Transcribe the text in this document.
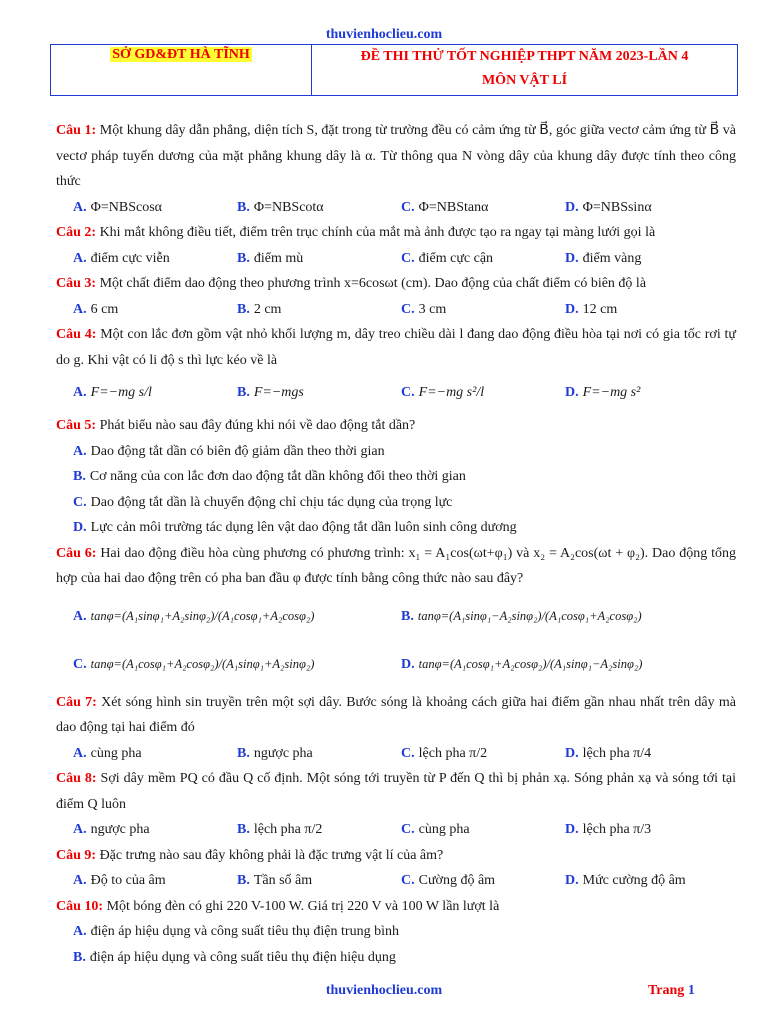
thuvienhoclieu.com
SỞ GD&ĐT HÀ TĨNH	ĐỀ THI THỬ TỐT NGHIỆP THPT NĂM 2023-LẦN 4
MÔN VẬT LÍ

Câu 1: Một khung dây dẫn phẳng, diện tích S, đặt trong từ trường đều có cảm ứng từ B⃗, góc giữa vectơ cảm ứng từ B⃗ và vectơ pháp tuyến dương của mặt phẳng khung dây là α. Từ thông qua N vòng dây của khung dây được tính theo công thức

A. Φ=NBScosα	B. Φ=NBScotα	C. Φ=NBStanα	D. Φ=NBSsinα

Câu 2: Khi mắt không điều tiết, điểm trên trục chính của mắt mà ảnh được tạo ra ngay tại màng lưới gọi là

A. điểm cực viễn	B. điểm mù	C. điểm cực cận	D. điểm vàng

Câu 3: Một chất điểm dao động theo phương trình x=6cosωt (cm). Dao động của chất điểm có biên độ là

A. 6 cm	B. 2 cm	C. 3 cm	D. 12 cm

Câu 4: Một con lắc đơn gồm vật nhỏ khối lượng m, dây treo chiều dài l đang dao động điều hòa tại nơi có gia tốc rơi tự do g. Khi vật có li độ s thì lực kéo về là

A. F=−mg s/l	B. F=−mgs	C. F=−mg s²/l	D. F=−mg s²

Câu 5: Phát biểu nào sau đây đúng khi nói về dao động tắt dần?

A. Dao động tắt dần có biên độ giảm dần theo thời gian

B. Cơ năng của con lắc đơn dao động tắt dần không đổi theo thời gian

C. Dao động tắt dần là chuyển động chỉ chịu tác dụng của trọng lực

D. Lực cản môi trường tác dụng lên vật dao động tắt dần luôn sinh công dương

Câu 6: Hai dao động điều hòa cùng phương có phương trình: x₁ = A₁cos(ωt+φ₁) và x₂ = A₂cos(ωt + φ₂). Dao động tổng hợp của hai dao động trên có pha ban đầu φ được tính bằng công thức nào sau đây?

A. tanφ=(A₁sinφ₁+A₂sinφ₂)/(A₁cosφ₁+A₂cosφ₂)	B. tanφ=(A₁sinφ₁−A₂sinφ₂)/(A₁cosφ₁+A₂cosφ₂)
C. tanφ=(A₁cosφ₁+A₂cosφ₂)/(A₁sinφ₁+A₂sinφ₂)	D. tanφ=(A₁cosφ₁+A₂cosφ₂)/(A₁sinφ₁−A₂sinφ₂)

Câu 7: Xét sóng hình sin truyền trên một sợi dây. Bước sóng là khoảng cách giữa hai điểm gần nhau nhất trên dây mà dao động tại hai điểm đó

A. cùng pha	B. ngược pha	C. lệch pha π/2	D. lệch pha π/4

Câu 8: Sợi dây mềm PQ có đầu Q cố định. Một sóng tới truyền từ P đến Q thì bị phản xạ. Sóng phản xạ và sóng tới tại điểm Q luôn

A. ngược pha	B. lệch pha π/2	C. cùng pha	D. lệch pha π/3

Câu 9: Đặc trưng nào sau đây không phải là đặc trưng vật lí của âm?

A. Độ to của âm	B. Tần số âm	C. Cường độ âm	D. Mức cường độ âm

Câu 10: Một bóng đèn có ghi 220 V-100 W. Giá trị 220 V và 100 W lần lượt là

A. điện áp hiệu dụng và công suất tiêu thụ điện trung bình

B. điện áp hiệu dụng và công suất tiêu thụ điện hiệu dụng

thuvienhoclieu.com	Trang 1
